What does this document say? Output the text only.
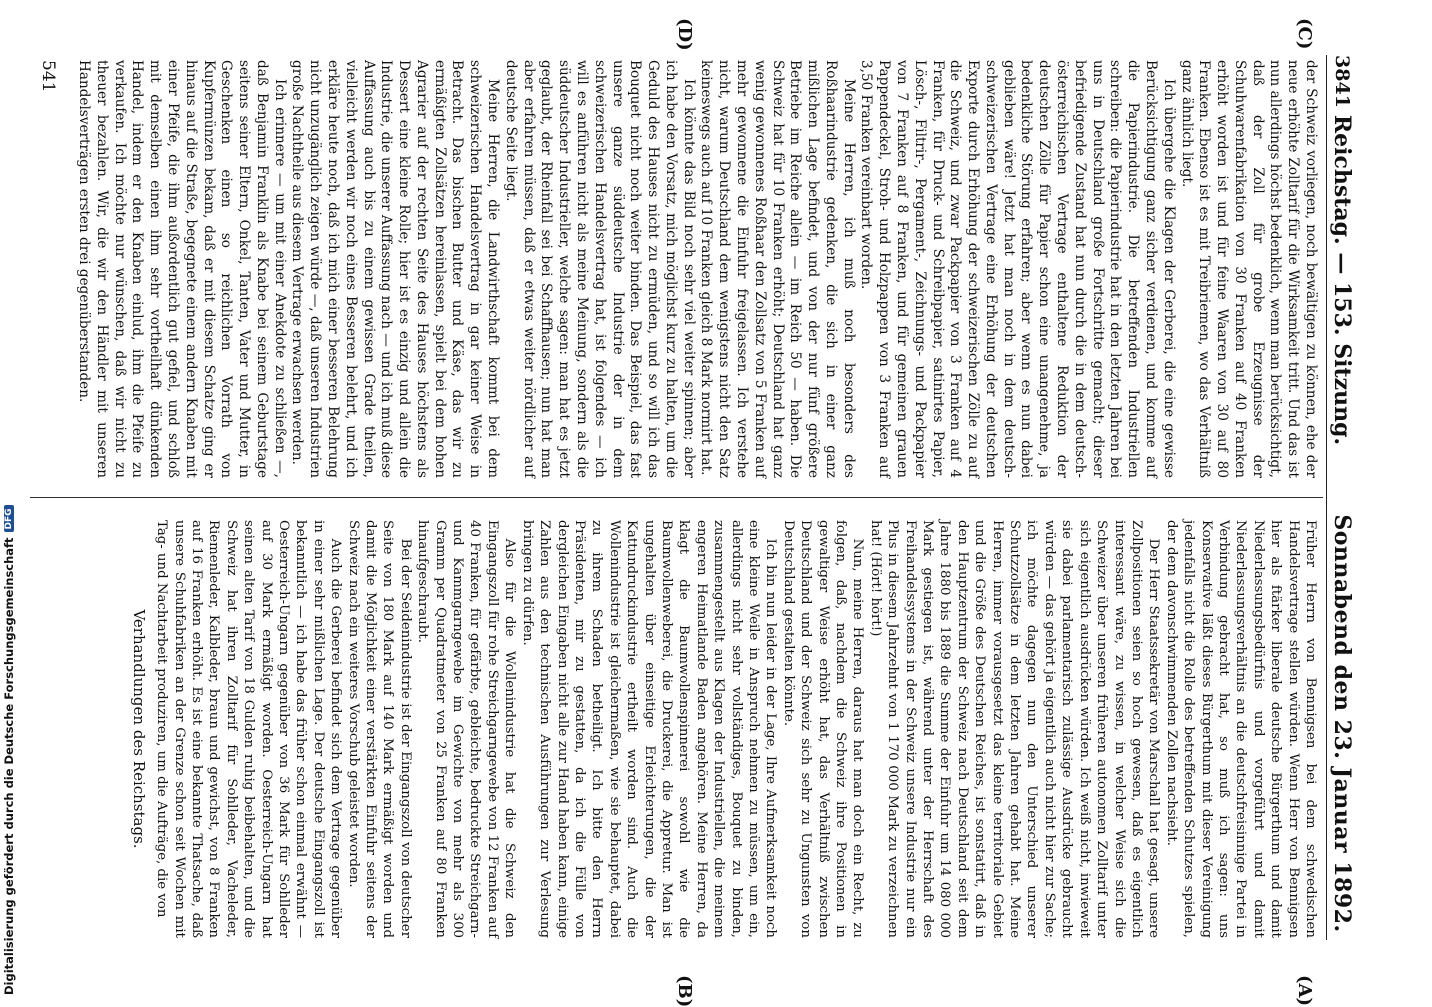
3841
Sonnabend den 23. Januar 1892.
Reichstag. — 153. Sitzung.
(A)
(B)
(C)
(D)

der Schweiz vorliegen, noch bewältigen zu können, ehe der neue erhöhte Zolltarif für die Wirksamkeit tritt. Und das ist nun allerdings höchst bedenklich, wenn man berücksichtigt, daß der Zoll für grobe Erzeugnisse der Schuhwarenfabrikation von 30 Franken auf 40 Franken erhöht worden ist und für feine Waaren von 30 auf 80 Franken. Ebenso ist es mit Treibriemen, wo das Verhältniß ganz ähnlich liegt.

Ich übergehe die Klagen der Gerberei, die eine gewisse Berücksichtigung ganz sicher verdienen, und komme auf die Papierindustrie. Die betreffenden Industriellen schreiben: die Papierindustrie hat in den letzten Jahren bei uns in Deutschland große Fortschritte gemacht; dieser befriedigende Zustand hat nun durch die in dem deutsch-österreichischen Vertrage enthaltene Reduktion der deutschen Zölle für Papier schon eine unangenehme, ja bedenkliche Störung erfahren; aber wenn es nun dabei geblieben wäre! Jetzt hat man noch in dem deutsch-schweizerischen Vertrage eine Erhöhung der deutschen Exporte durch Erhöhung der schweizerischen Zölle zu auf die Schweiz, und zwar Packpapier von 3 Franken auf 4 Franken, für Druck- und Schreibpapier, satinirtes Papier, Lösch-, Filtrir-, Pergament-, Zeichnungs- und Packpapier von 7 Franken auf 8 Franken, und für gemeinen grauen Pappendeckel, Stroh- und Holzpappen von 3 Franken auf 3,50 Franken vereinbart worden.

Meine Herren, ich muß noch besonders des Roßhaarindustrie gedenken, die sich in einer ganz mißlichen Lage befindet, und von der nur fünf größere Betriebe im Reiche allein — im Reich 50 — haben. Die Schweiz hat für 10 Franken erhöht; Deutschland hat ganz wenig gewonnenes Roßhaar den Zollsatz von 5 Franken auf mehr gewonnene die Einfuhr freigelassen. Ich verstehe nicht, warum Deutschland dem wenigstens nicht den Satz keineswegs auch auf 10 Franken gleich 8 Mark normirt hat.

Ich könnte das Bild noch sehr viel weiter spinnen; aber ich habe den Vorsatz, mich möglichst kurz zu halten, um die Geduld des Hauses nicht zu ermüden, und so will ich das Bouquet nicht noch weiter binden. Das Beispiel, das fast unsere ganze süddeutsche Industrie der in dem schweizerischen Handelsvertrag hat, ist folgendes — ich will es anführen nicht als meine Meinung, sondern als die süddeutscher Industrieller, welche sagen: man hat es jetzt geglaubt, der Rheinfall sei bei Schaffhausen; nun hat man aber erfahren müssen, daß er etwas weiter nördlicher auf deutsche Seite liegt.

Meine Herren, die Landwirthschaft kommt bei dem schweizerischen Handelsvertrag in gar keiner Weise in Betracht. Das bischen Butter und Käse, das wir zu ermäßigten Zollsätzen hereinlassen, spielt bei dem hohen Agrarier auf der rechten Seite des Hauses höchstens als Dessert eine kleine Rolle; hier ist es einzig und allein die Industrie, die unserer Auffassung nach — und ich muß diese Auffassung auch bis zu einem gewissen Grade theilen, vielleicht werden wir noch eines Besseren belehrt, und ich erkläre heute noch, daß ich mich einer besseren Belehrung nicht unzugänglich zeigen würde —, daß unseren Industrien große Nachtheile aus diesem Vertrage erwachsen werden.

Ich erinnere — um mit einer Anekdote zu schließen —, daß Benjamin Franklin als Knabe bei seinem Geburtstage seitens seiner Eltern, Onkel, Tanten, Vater und Mutter, in Geschenken einen so reichlichen Vorrath von Kupfermünzen bekam, daß er mit diesem Schatze ging er hinaus auf die Straße, begegnete einem andern Knaben mit einer Pfeife, die ihm außordentlich gut gefiel, und schloß mit demselben einen ihm sehr vortheilhaft dünkenden Handel, indem er den Knaben einlud, ihm die Pfeife zu verkaufen. Ich möchte nur wünschen, daß wir nicht zu theuer bezahlen. Wir, die wir den Händler mit unseren Handelsverträgen ersten drei gegenüberstanden.

Früher Herrn von Bennigsen bei dem schwedischen Handelsvertrage stellen würden. Wenn Herr von Bennigsen hier als ftärker liberale deutsche Bürgerthum und damit Niederlassungsbedürfnis und vorgeführt und damit Niederlassungsverhältnis an die deutschfreisinnige Partei in Verbindung gebracht hat, so muß ich sagen: uns Konservative läßt dieses Bürgerthum mit dieser Vereinigung jedenfalls nicht die Rolle des betreffenden Schutzes spielen, der dem davonschwimmenden Zollen nachsieht.

Der Herr Staatssekretär von Marschall hat gesagt, unsere Zollpositionen seien so hoch gewesen, daß es eigentlich interessant wäre, zu wissen, in welcher Weise sich die Schweizer über unseren früheren autonomen Zolltarif unter sich eigentlich ausdrücken würden. Ich weiß nicht, inwieweit sie dabei parlamentarisch zulässige Ausdrücke gebraucht würden — das gehört ja eigentlich auch nicht hier zur Sache; ich möchte dagegen nun den Unterschied unserer Schutzzollsätze in dem letzten Jahren gehabt hat. Meine Herren, immer vorausgesetzt das kleine territoriale Gebiet und die Größe des Deutschen Reiches, ist sonstatirt, daß in den Hauptzentrum der Schweiz nach Deutschland seit dem Jahre 1880 bis 1889 die Summe der Einfuhr um 14 080 000 Mark gestiegen ist, während unter der Herrschaft des Freihandelssystems in der Schweiz unsere Industrie nur ein Plus in diesem Jahrzehnt von 1 170 000 Mark zu verzeichnen hat! (Hört! hört!)

Nun, meine Herren, daraus hat man doch ein Recht, zu folgen, daß, nachdem die Schweiz ihre Positionen in gewaltiger Weise erhöht hat, das Verhältniß zwischen Deutschland und der Schweiz sich sehr zu Ungunsten von Deutschland gestalten könnte.

Ich bin nun leider in der Lage, Ihre Aufmerksamkeit noch eine kleine Weile in Anspruch nehmen zu müssen, um ein, allerdings nicht sehr vollständiges, Bouquet zu binden, zusammengestellt aus Klagen der Industriellen, die meinem engeren Heimatlande Baden angehören. Meine Herren, da klagt die Baumwollenspinnerei sowohl wie die Baumwollenweberei, die Druckerei, die Appretur. Man ist ungehalten über einseitige Erleichterungen, die der Kattundruckindustrie ertheilt worden sind. Auch die Wollenindustrie ist gleichermaßen, wie sie behauptet, dabei zu ihrem Schaden betheiligt. Ich bitte den Herrn Präsidenten, mir zu gestatten, da ich die Fülle von dergleichen Eingaben nicht alle zur Hand haben kann, einige Zahlen aus den technischen Ausführungen zur Verlesung bringen zu dürfen.

Also für die Wollenindustrie hat die Schweiz den Eingangszoll für rohe Streichgarngewebe von 12 Franken auf 40 Franken, für gefärbte, gebleichte, bedruckte Streichgarn- und Kammgarngewebe im Gewichte von mehr als 300 Gramm per Quadratmeter von 25 Franken auf 80 Franken hinaufgeschraubt.

Bei der Seidenindustrie ist der Eingangszoll von deutscher Seite von 180 Mark auf 140 Mark ermäßigt worden und damit die Möglichkeit einer verstärkten Einfuhr seitens der Schweiz nach ein weiteres Vorschub geleistet worden.

Auch die Gerberei befindet sich dem Vertrage gegenüber in einer sehr mißlichen Lage. Der deutsche Eingangszoll ist bekanntlich — ich habe das früher schon einmal erwähnt — Oesterreich-Ungarn gegenüber von 36 Mark für Sohlleder auf 30 Mark ermäßigt worden. Oesterreich-Ungarn hat seinen alten Tarif von 18 Gulden ruhig beibehalten, und die Schweiz hat ihren Zolltarif für Sohlleder, Vacheleder, Riemenleder, Kalbleder, braun und gewichst, von 8 Franken auf 16 Franken erhöht. Es ist eine bekannte Thatsache, daß unsere Schuhfabriken an der Grenze schon seit Wochen mit Tag- und Nachtarbeit produziren, um die Aufträge, die von

Verhandlungen des Reichstags.

541
Digitalisierung gefördert durch die Deutsche Forschungsgemeinschaft
DFG
